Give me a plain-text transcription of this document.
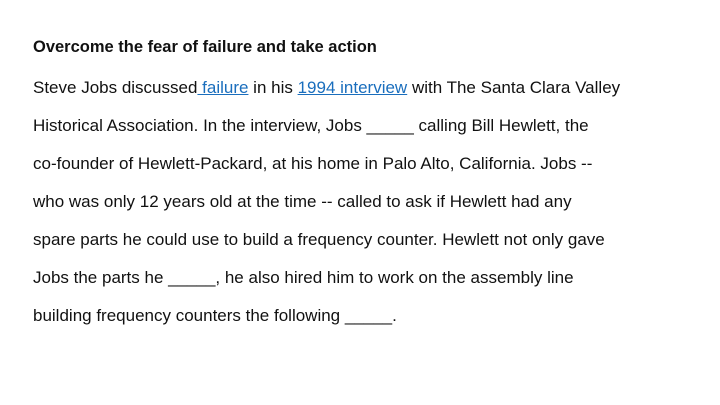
Overcome the fear of failure and take action
Steve Jobs discussed failure in his 1994 interview with The Santa Clara Valley
Historical Association. In the interview, Jobs _____ calling Bill Hewlett, the
co-founder of Hewlett-Packard, at his home in Palo Alto, California. Jobs --
who was only 12 years old at the time -- called to ask if Hewlett had any
spare parts he could use to build a frequency counter. Hewlett not only gave
Jobs the parts he _____, he also hired him to work on the assembly line
building frequency counters the following _____.
